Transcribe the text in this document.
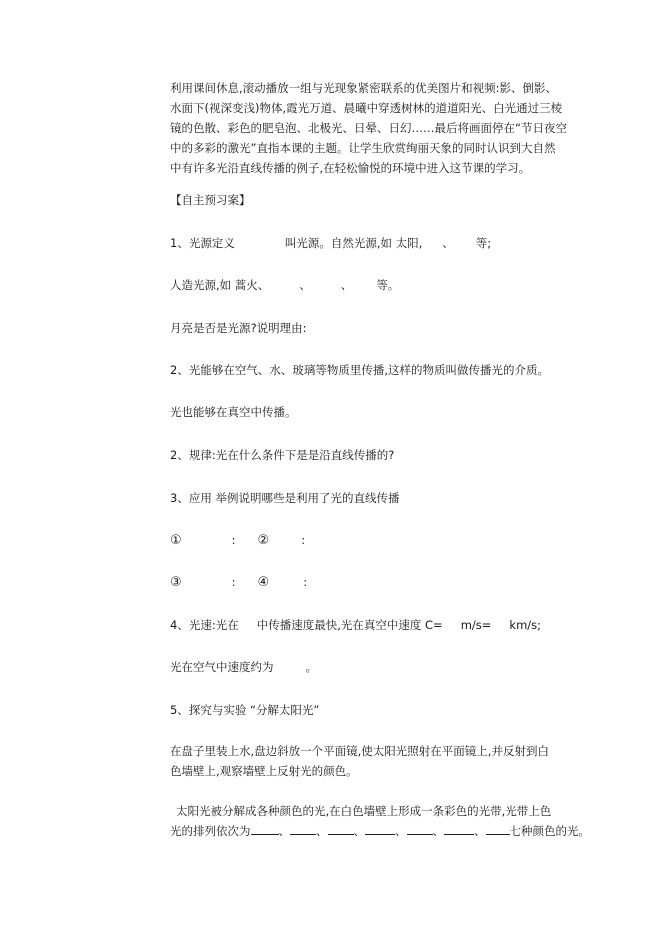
利用课间休息,滚动播放一组与光现象紧密联系的优美图片和视频:影、倒影、
水面下(视深变浅)物体,霞光万道、晨曦中穿透树林的道道阳光、白光通过三棱
镜的色散、彩色的肥皂泡、北极光、日晕、日幻……最后将画面停在“节日夜空
中的多彩的激光”直指本课的主题。让学生欣赏绚丽天象的同时认识到大自然
中有许多光沿直线传播的例子,在轻松愉悦的环境中进入这节课的学习。
【自主预习案】
1、光源定义	叫光源。自然光源,如 太阳, 、 等;
人造光源,如 蒿火、	、	、 等。
月亮是否是光源?说明理由:
2、光能够在空气、水、玻璃等物质里传播,这样的物质叫做传播光的介质。
光也能够在真空中传播。
2、规律:光在什么条件下是是沿直线传播的?
3、应用 举例说明哪些是利用了光的直线传播
①	: ②	:
③	: ④	:
4、光速:光在 中传播速度最快,光在真空中速度 C= m/s= km/s;
光在空气中速度约为	。
5、探究与实验 “分解太阳光”
在盘子里装上水,盘边斜放一个平面镜,使太阳光照射在平面镜上,并反射到白
色墙壁上,观察墙壁上反射光的颜色。
太阳光被分解成各种颜色的光,在白色墙壁上形成一条彩色的光带,光带上色
光的排列依次为 、 、 、	、 、	、 七种颜色的光。
